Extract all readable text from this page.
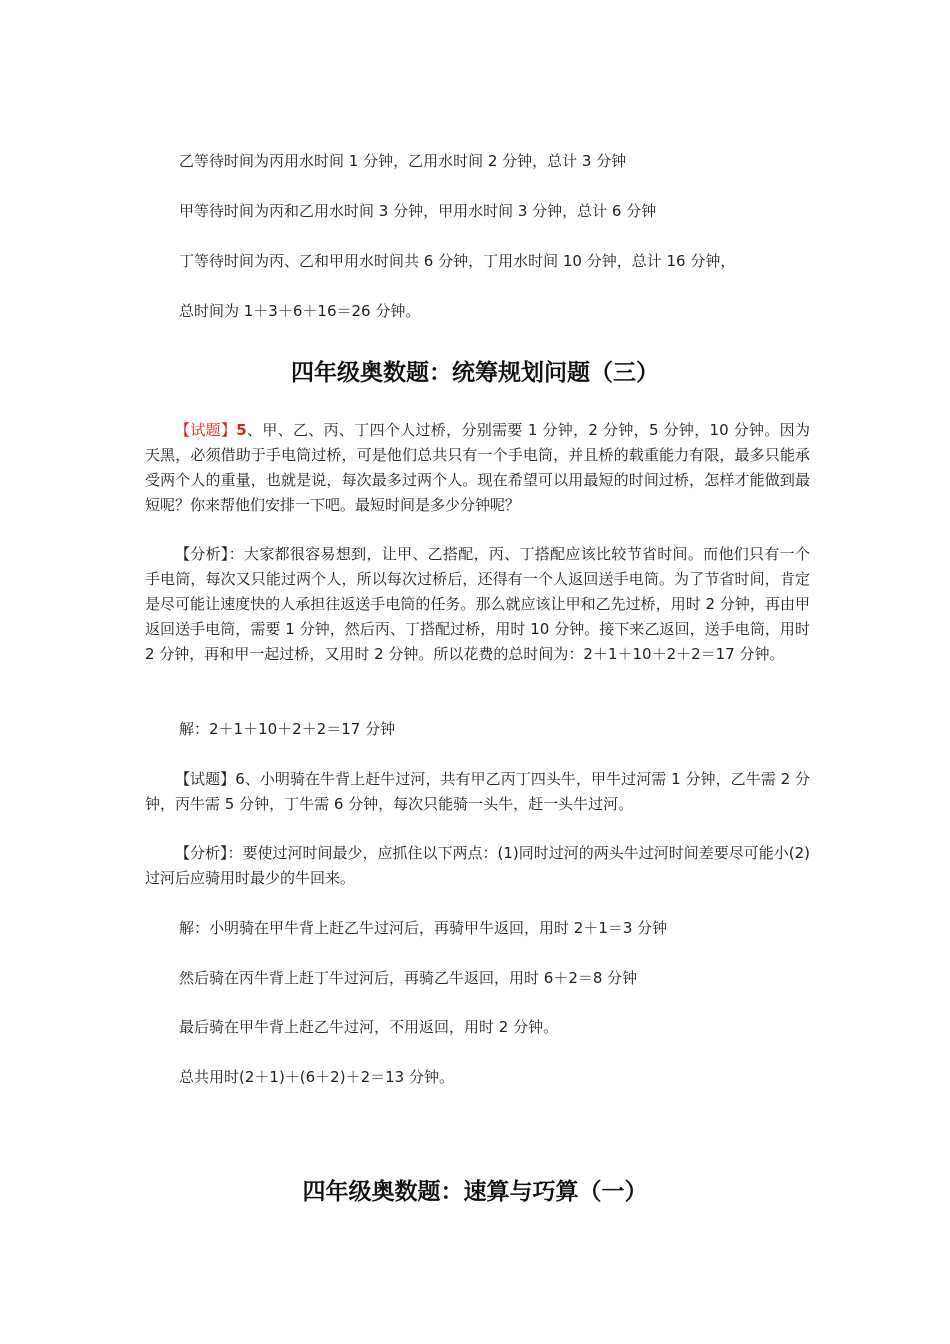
乙等待时间为丙用水时间 1 分钟，乙用水时间 2 分钟，总计 3 分钟
甲等待时间为丙和乙用水时间 3 分钟，甲用水时间 3 分钟，总计 6 分钟
丁等待时间为丙、乙和甲用水时间共 6 分钟，丁用水时间 10 分钟，总计 16 分钟，
总时间为 1＋3＋6＋16＝26 分钟。
四年级奥数题：统筹规划问题（三）
【试题】5、甲、乙、丙、丁四个人过桥，分别需要 1 分钟，2 分钟，5 分钟，10 分钟。因为天黑，必须借助于手电筒过桥，可是他们总共只有一个手电筒，并且桥的载重能力有限，最多只能承受两个人的重量，也就是说，每次最多过两个人。现在希望可以用最短的时间过桥，怎样才能做到最短呢？你来帮他们安排一下吧。最短时间是多少分钟呢？
【分析】：大家都很容易想到，让甲、乙搭配，丙、丁搭配应该比较节省时间。而他们只有一个手电筒，每次又只能过两个人，所以每次过桥后，还得有一个人返回送手电筒。为了节省时间，肯定是尽可能让速度快的人承担往返送手电筒的任务。那么就应该让甲和乙先过桥，用时 2 分钟，再由甲返回送手电筒，需要 1 分钟，然后丙、丁搭配过桥，用时 10 分钟。接下来乙返回，送手电筒，用时 2 分钟，再和甲一起过桥，又用时 2 分钟。所以花费的总时间为：2＋1＋10＋2＋2＝17 分钟。
解：2＋1＋10＋2＋2＝17 分钟
【试题】6、小明骑在牛背上赶牛过河，共有甲乙丙丁四头牛，甲牛过河需 1 分钟，乙牛需 2 分钟，丙牛需 5 分钟，丁牛需 6 分钟，每次只能骑一头牛，赶一头牛过河。
【分析】：要使过河时间最少，应抓住以下两点：(1)同时过河的两头牛过河时间差要尽可能小(2)过河后应骑用时最少的牛回来。
解：小明骑在甲牛背上赶乙牛过河后，再骑甲牛返回，用时 2＋1＝3 分钟
然后骑在丙牛背上赶丁牛过河后，再骑乙牛返回，用时 6＋2＝8 分钟
最后骑在甲牛背上赶乙牛过河，不用返回，用时 2 分钟。
总共用时(2＋1)＋(6＋2)＋2＝13 分钟。
四年级奥数题：速算与巧算（一）
